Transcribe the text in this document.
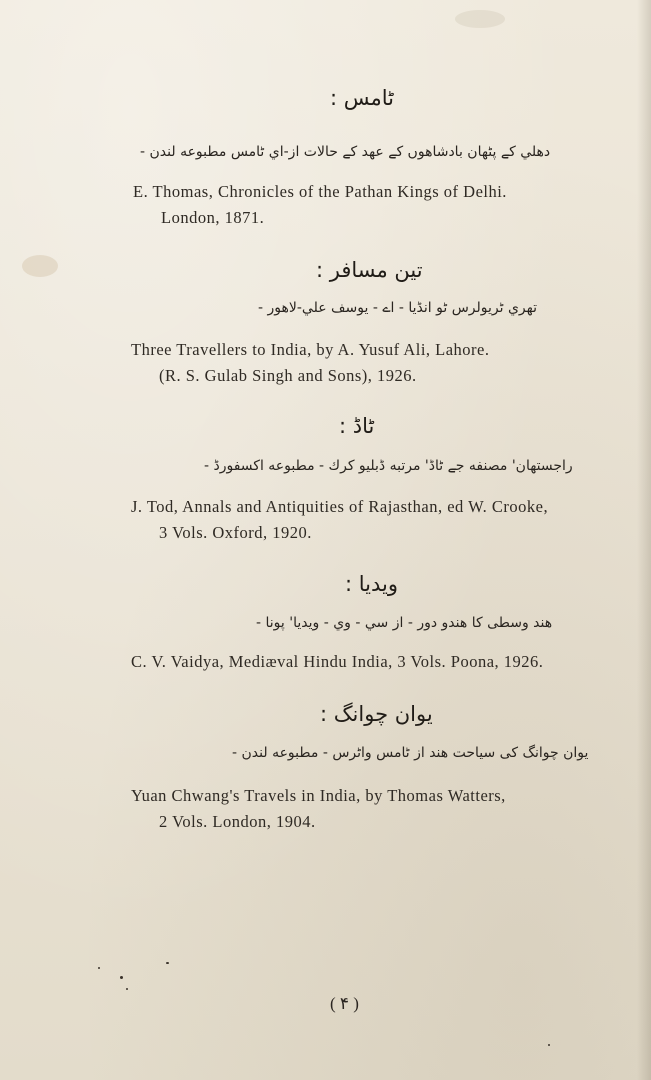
ٹامس :
دهلي كے پٹهان بادشاهوں كے عهد كے حالات از-اي ٹامس مطبوعه لندن -
E. Thomas, Chronicles of the Pathan Kings of Delhi.
London, 1871.
تين مسافر :
تهري ٹريولرس ٹو انڈيا - اے - يوسف علي-لاهور -
Three Travellers to India, by A. Yusuf Ali, Lahore.
(R. S. Gulab Singh and Sons), 1926.
ٹاڈ :
راجستهان' مصنفه جے ٹاڈ' مرتبه ڈبليو كرك - مطبوعه اكسفورڈ -
J. Tod, Annals and Antiquities of Rajasthan, ed W. Crooke,
3 Vols. Oxford, 1920.
ويديا :
هند وسطى كا هندو دور - از سي - وي - ويديا' پونا -
C. V. Vaidya, Mediæval Hindu India, 3 Vols. Poona, 1926.
يوان چوانگ :
يوان چوانگ كى سياحت هند از ٹامس واٹرس - مطبوعه لندن -
Yuan Chwang's Travels in India, by Thomas Watters,
2 Vols. London, 1904.
( ۴ )
